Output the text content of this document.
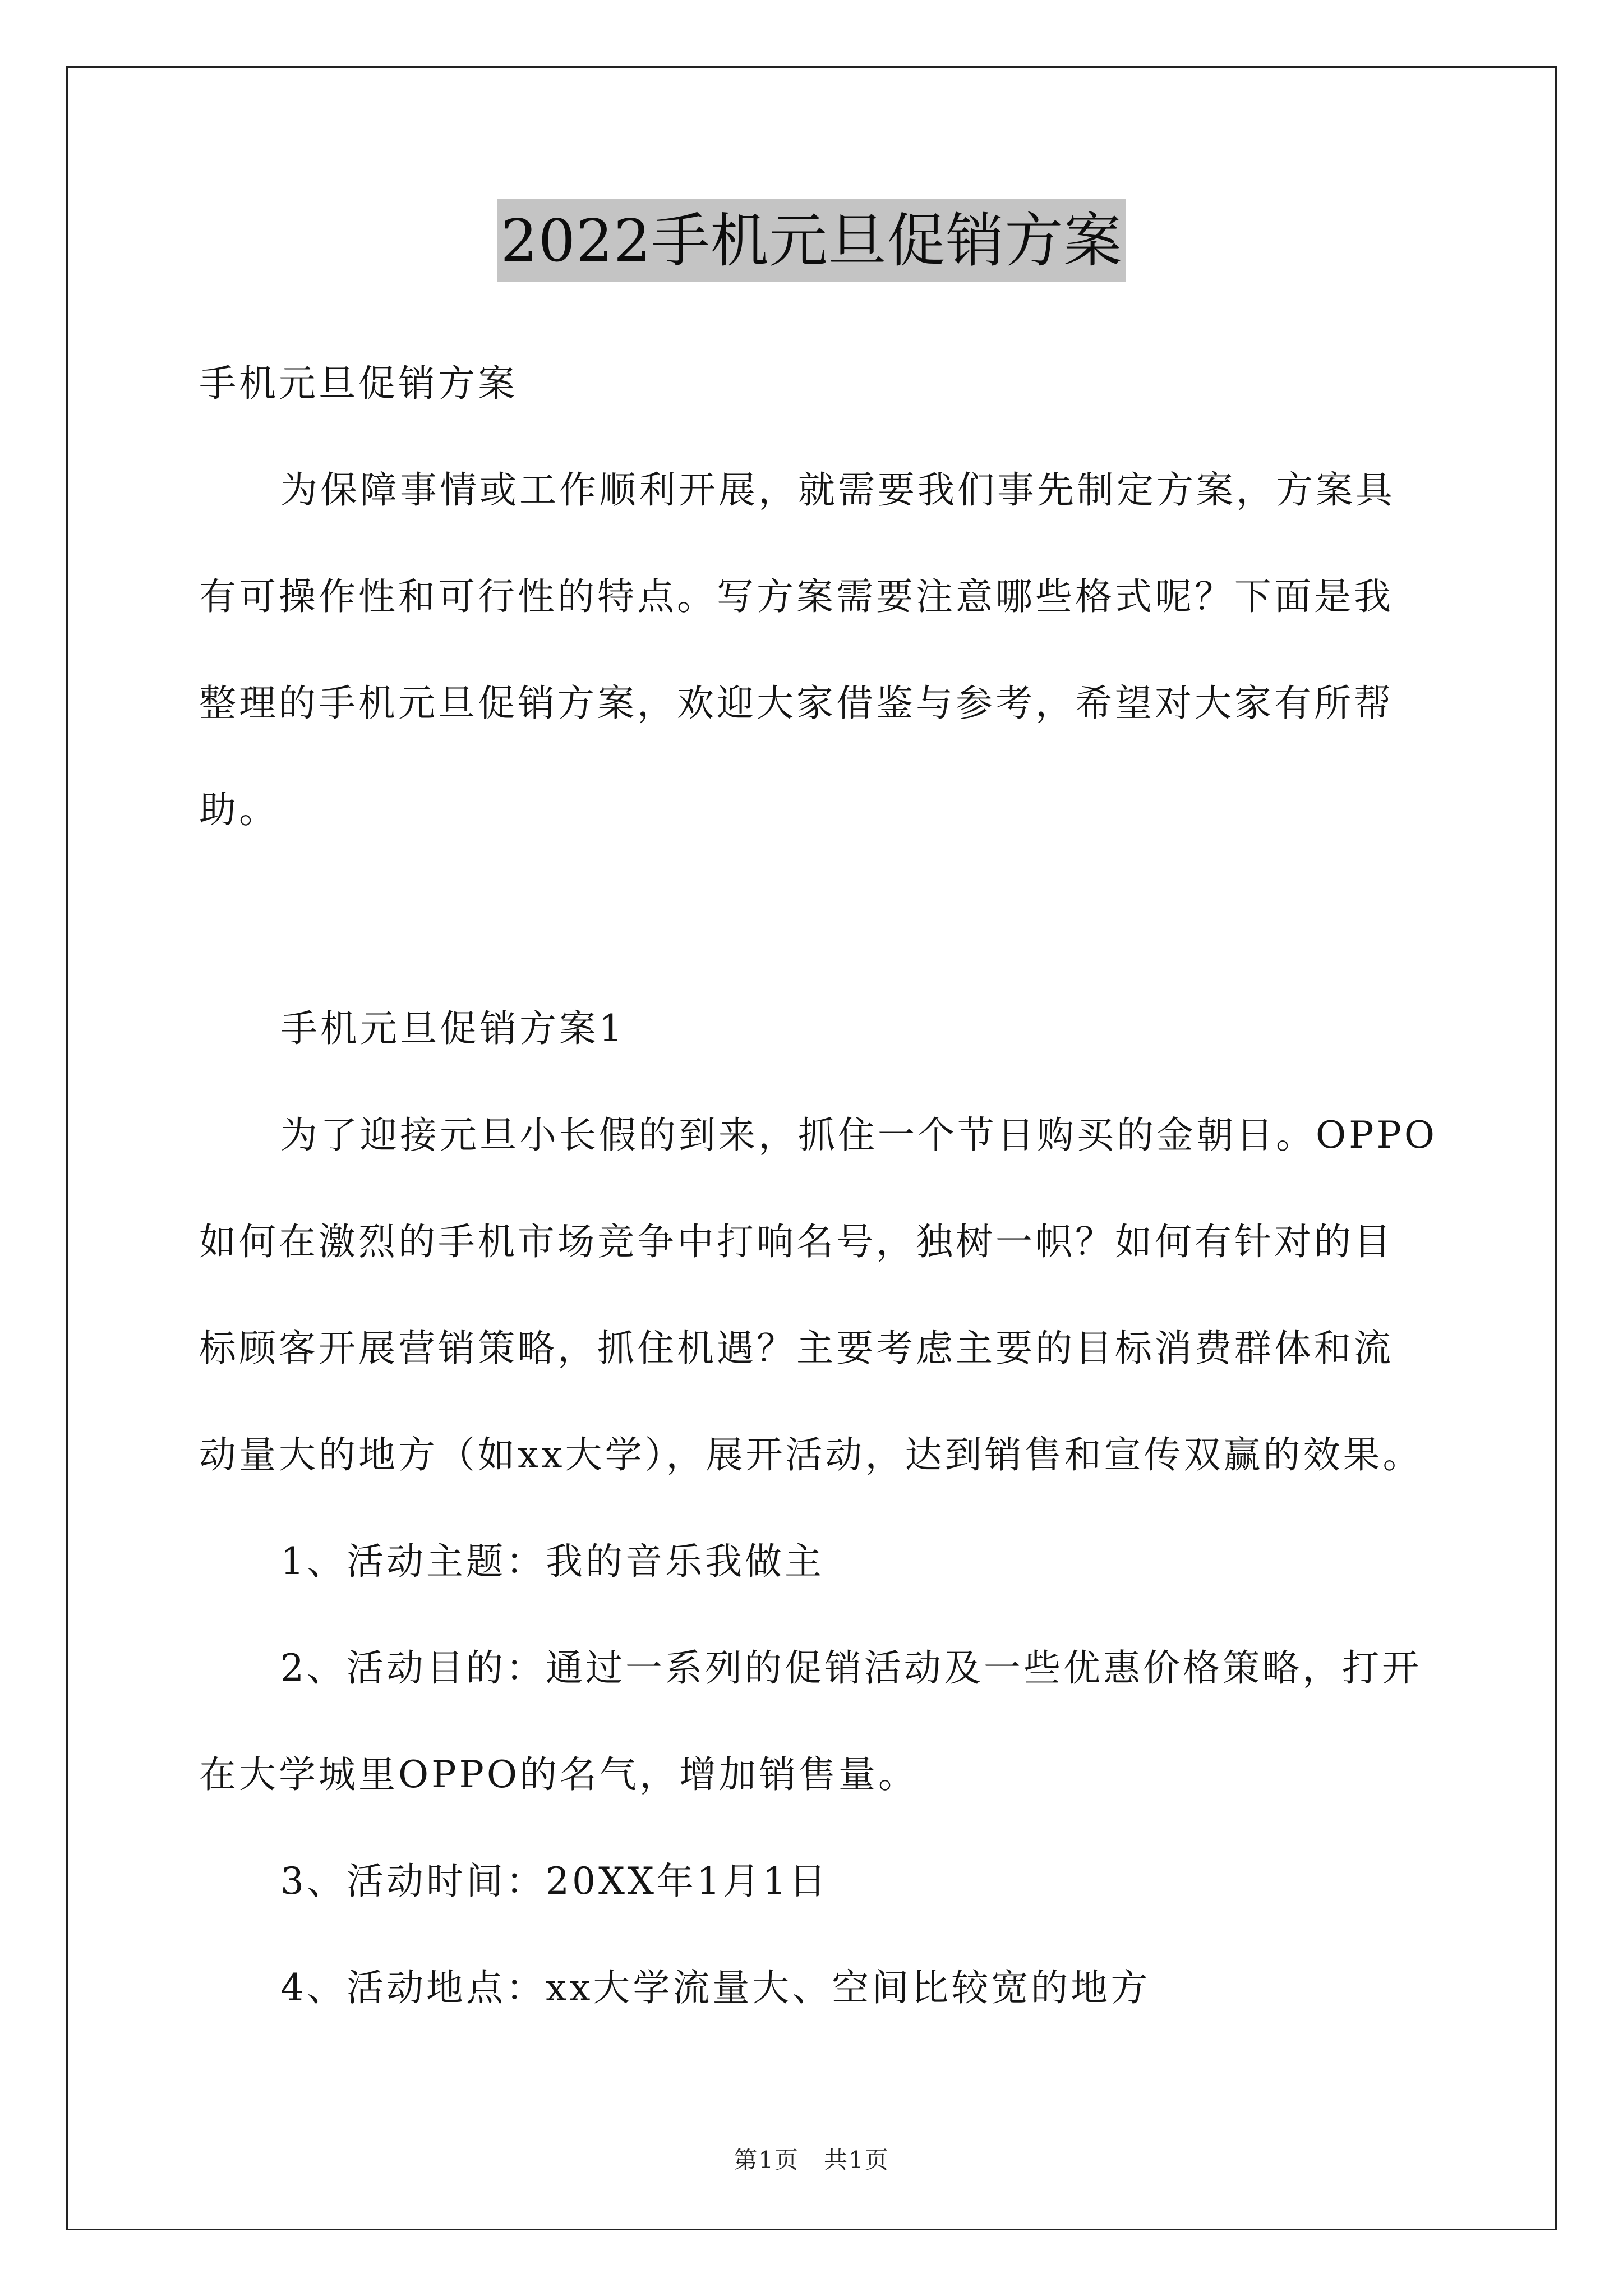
2022手机元旦促销方案
手机元旦促销方案
为保障事情或工作顺利开展，就需要我们事先制定方案，方案具
有可操作性和可行性的特点。写方案需要注意哪些格式呢？下面是我
整理的手机元旦促销方案，欢迎大家借鉴与参考，希望对大家有所帮
助。
手机元旦促销方案1
为了迎接元旦小长假的到来，抓住一个节日购买的金朝日。OPPO
如何在激烈的手机市场竞争中打响名号，独树一帜？如何有针对的目
标顾客开展营销策略，抓住机遇？主要考虑主要的目标消费群体和流
动量大的地方（如xx大学），展开活动，达到销售和宣传双赢的效果。
1、活动主题：我的音乐我做主
2、活动目的：通过一系列的促销活动及一些优惠价格策略，打开
在大学城里OPPO的名气，增加销售量。
3、活动时间：20XX年1月1日
4、活动地点：xx大学流量大、空间比较宽的地方
第1页　共1页
